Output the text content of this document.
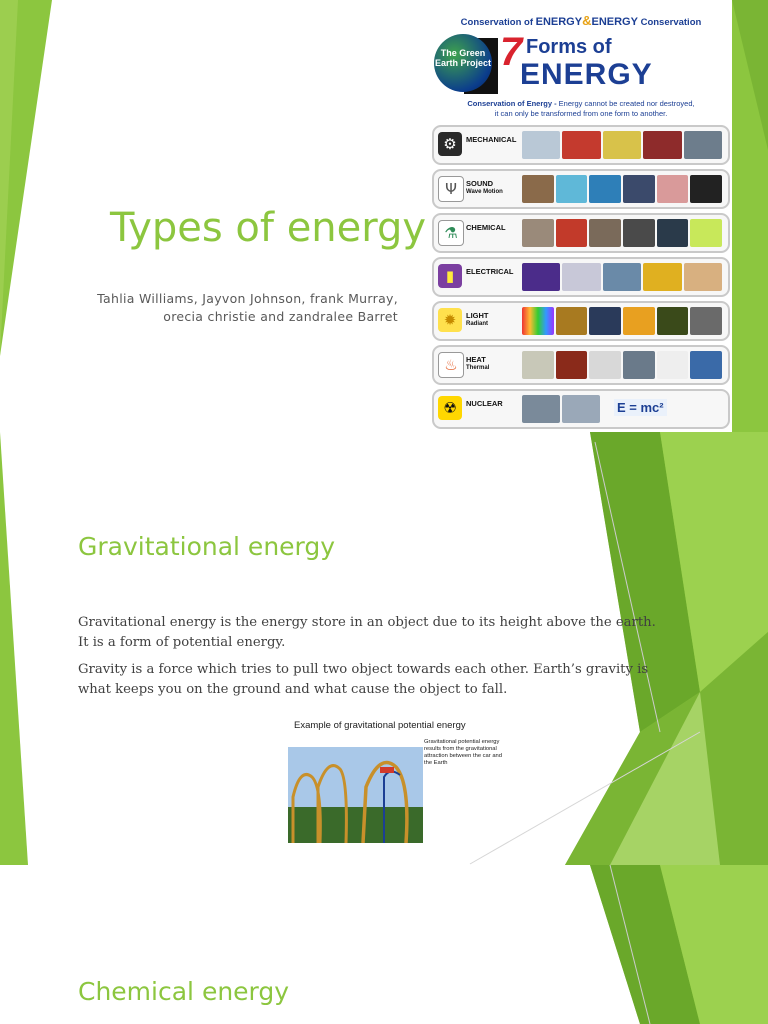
Types of energy
Tahlia Williams, Jayvon Johnson, frank Murray,
orecia christie and zandralee Barret
Conservation of ENERGY&ENERGY Conservation
The Green Earth Project 7 Forms of
ENERGY
Conservation of Energy - Energy cannot be created nor destroyed,
it can only be transformed from one form to another.
⚙	MECHANICAL
Ψ	SOUND
Wave Motion
⚗	CHEMICAL
▮	ELECTRICAL
✹	LIGHT
Radiant
♨	HEAT
Thermal
☢	NUCLEAR	E = mc²
Gravitational energy

Gravitational energy is the energy store in an object due to its height above the earth. It is a form of potential energy.

Gravity is a force which tries to pull two object towards each other. Earth’s gravity is what keeps you on the ground and what cause the object to fall.

Example of gravitational potential energy
Gravitational potential energy results from the gravitational attraction between the car and the Earth
Chemical energy
